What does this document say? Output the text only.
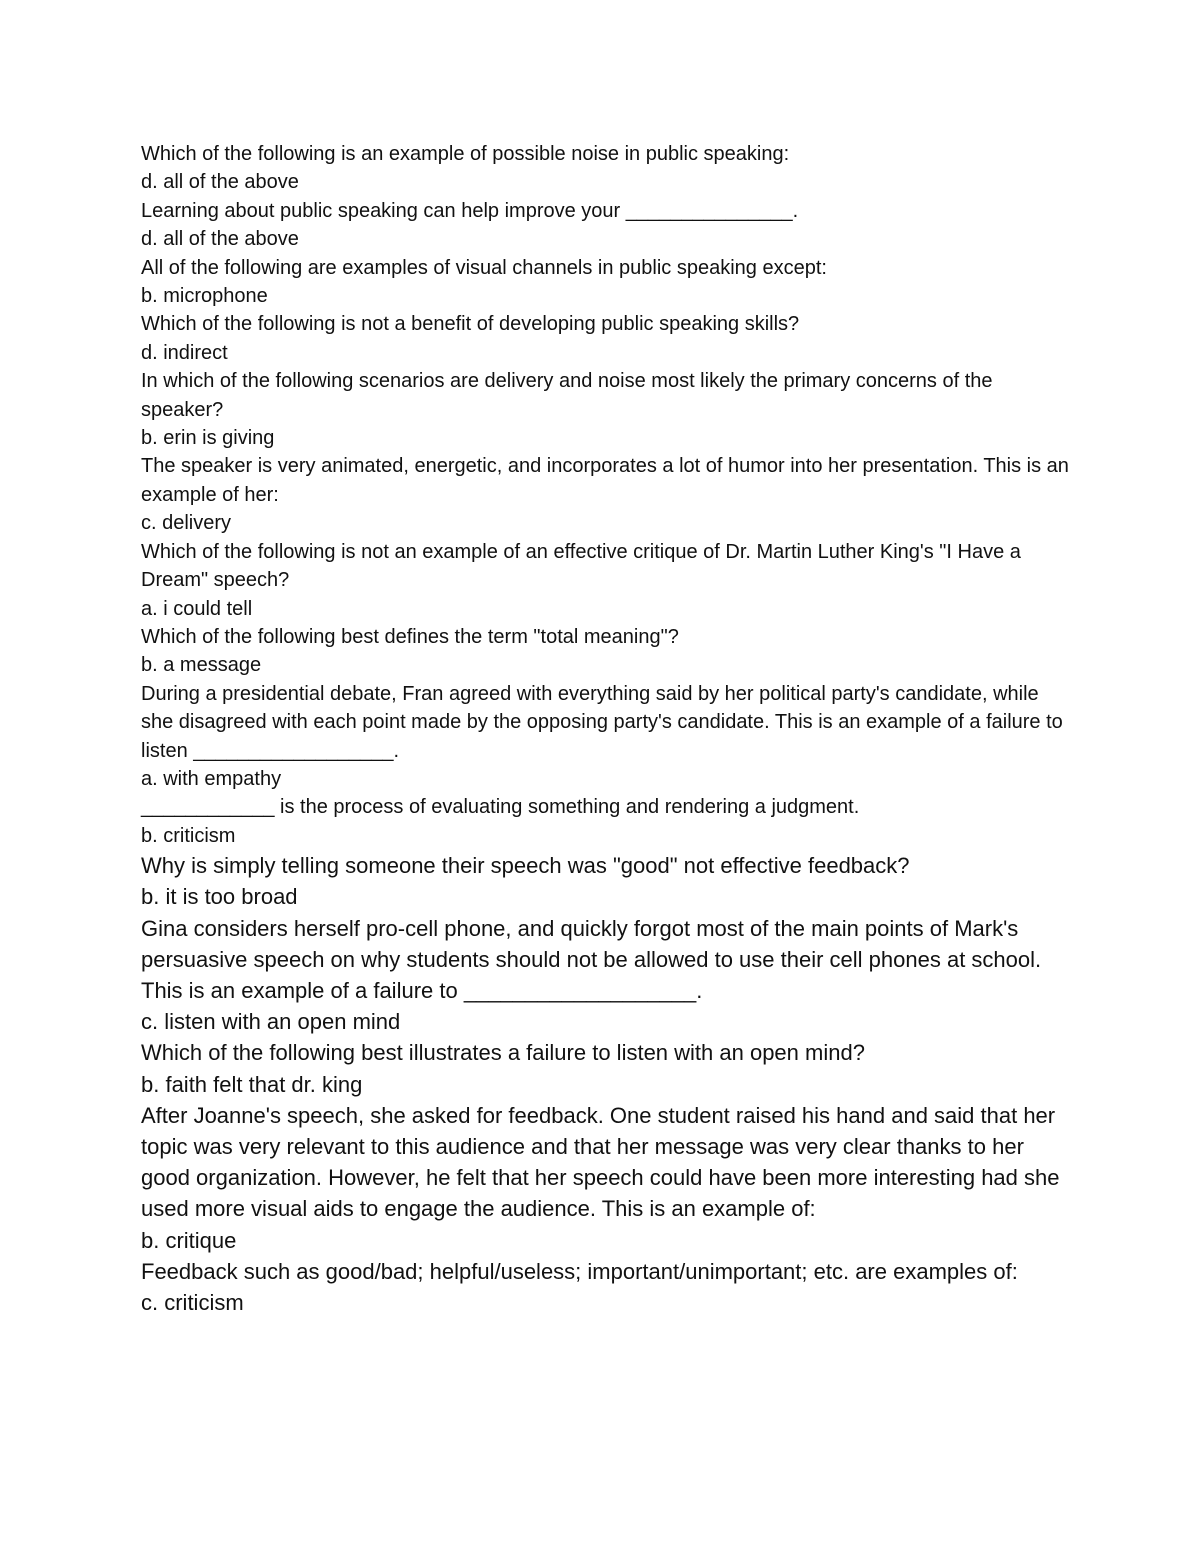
Which of the following is an example of possible noise in public speaking:
d. all of the above
Learning about public speaking can help improve your _______________.
d. all of the above
All of the following are examples of visual channels in public speaking except:
b. microphone
Which of the following is not a benefit of developing public speaking skills?
d. indirect
In which of the following scenarios are delivery and noise most likely the primary concerns of the speaker?
b. erin is giving
The speaker is very animated, energetic, and incorporates a lot of humor into her presentation. This is an example of her:
c. delivery
Which of the following is not an example of an effective critique of Dr. Martin Luther King's "I Have a Dream" speech?
a. i could tell
Which of the following best defines the term "total meaning"?
b. a message
During a presidential debate, Fran agreed with everything said by her political party's candidate, while she disagreed with each point made by the opposing party's candidate. This is an example of a failure to listen __________________.
a. with empathy
____________ is the process of evaluating something and rendering a judgment.
b. criticism
Why is simply telling someone their speech was "good" not effective feedback?
b. it is too broad
Gina considers herself pro-cell phone, and quickly forgot most of the main points of Mark's persuasive speech on why students should not be allowed to use their cell phones at school. This is an example of a failure to ___________________.
c. listen with an open mind
Which of the following best illustrates a failure to listen with an open mind?
b. faith felt that dr. king
After Joanne's speech, she asked for feedback. One student raised his hand and said that her topic was very relevant to this audience and that her message was very clear thanks to her good organization. However, he felt that her speech could have been more interesting had she used more visual aids to engage the audience. This is an example of:
b. critique
Feedback such as good/bad; helpful/useless; important/unimportant; etc. are examples of:
c. criticism
